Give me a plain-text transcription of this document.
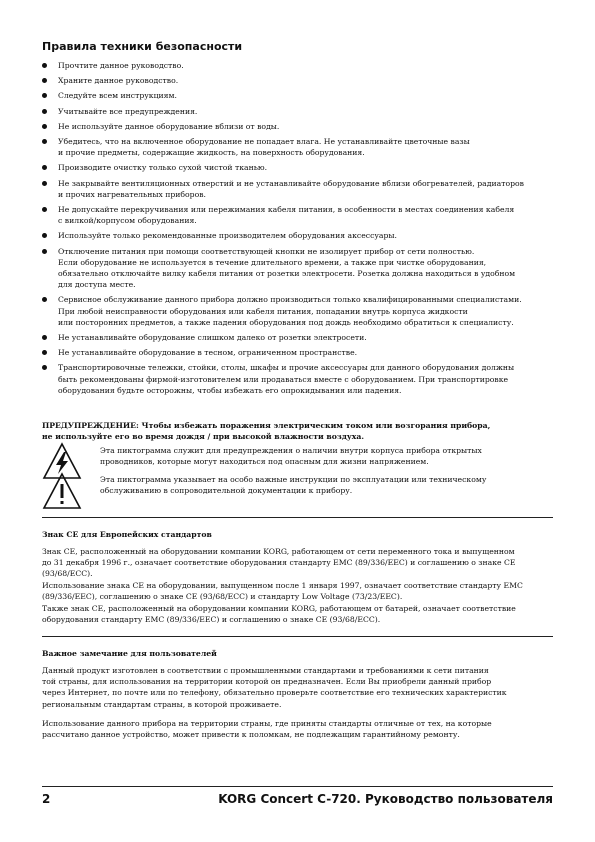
Правила техники безопасности
Прочтите данное руководство.
Храните данное руководство.
Следуйте всем инструкциям.
Учитывайте все предупреждения.
Не используйте данное оборудование вблизи от воды.
Убедитесь, что на включенное оборудование не попадает влага. Не устанавливайте цветочные вазы
и прочие предметы, содержащие жидкость, на поверхность оборудования.
Производите очистку только сухой чистой тканью.
Не закрывайте вентиляционных отверстий и не устанавливайте оборудование вблизи обогревателей, радиаторов
и прочих нагревательных приборов.
Не допускайте перекручивания или пережимания кабеля питания, в особенности в местах соединения кабеля
с вилкой/корпусом оборудования.
Используйте только рекомендованные производителем оборудования аксессуары.
Отключение питания при помощи соответствующей кнопки не изолирует прибор от сети полностью.
Если оборудование не используется в течение длительного времени, а также при чистке оборудования,
обязательно отключайте вилку кабеля питания от розетки электросети. Розетка должна находиться в удобном
для доступа месте.
Сервисное обслуживание данного прибора должно производиться только квалифицированными специалистами.
При любой неисправности оборудования или кабеля питания, попадании внутрь корпуса жидкости
или посторонних предметов, а также падения оборудования под дождь необходимо обратиться к специалисту.
Не устанавливайте оборудование слишком далеко от розетки электросети.
Не устанавливайте оборудование в тесном, ограниченном пространстве.
Транспортировочные тележки, стойки, столы, шкафы и прочие аксессуары для данного оборудования должны
быть рекомендованы фирмой-изготовителем или продаваться вместе с оборудованием. При транспортировке
оборудования будьте осторожны, чтобы избежать его опрокидывания или падения.
ПРЕДУПРЕЖДЕНИЕ: Чтобы избежать поражения электрическим током или возгорания прибора,
не используйте его во время дождя / при высокой влажности воздуха.
Эта пиктограмма служит для предупреждения о наличии внутри корпуса прибора открытых
проводников, которые могут находиться под опасным для жизни напряжением.
Эта пиктограмма указывает на особо важные инструкции по эксплуатации или техническому
обслуживанию в сопроводительной документации к прибору.
Знак CE для Европейских стандартов
Знак CE, расположенный на оборудовании компании KORG, работающем от сети переменного тока и выпущенном
до 31 декабря 1996 г., означает соответствие оборудования стандарту EMC (89/336/EEC) и соглашению о знаке CE
(93/68/ECC).
Использование знака CE на оборудовании, выпущенном после 1 января 1997, означает соответствие стандарту EMC
(89/336/EEC), соглашению о знаке CE (93/68/ECC) и стандарту Low Voltage (73/23/EEC).
Также знак CE, расположенный на оборудовании компании KORG, работающем от батарей, означает соответствие
оборудования стандарту EMC (89/336/EEC) и соглашению о знаке CE (93/68/ECC).
Важное замечание для пользователей
Данный продукт изготовлен в соответствии с промышленными стандартами и требованиями к сети питания
той страны, для использования на территории которой он предназначен. Если Вы приобрели данный прибор
через Интернет, по почте или по телефону, обязательно проверьте соответствие его технических характеристик
региональным стандартам страны, в которой проживаете.
Использование данного прибора на территории страны, где приняты стандарты отличные от тех, на которые
рассчитано данное устройство, может привести к поломкам, не подлежащим гарантийному ремонту.
2	KORG Concert C-720. Руководство пользователя
